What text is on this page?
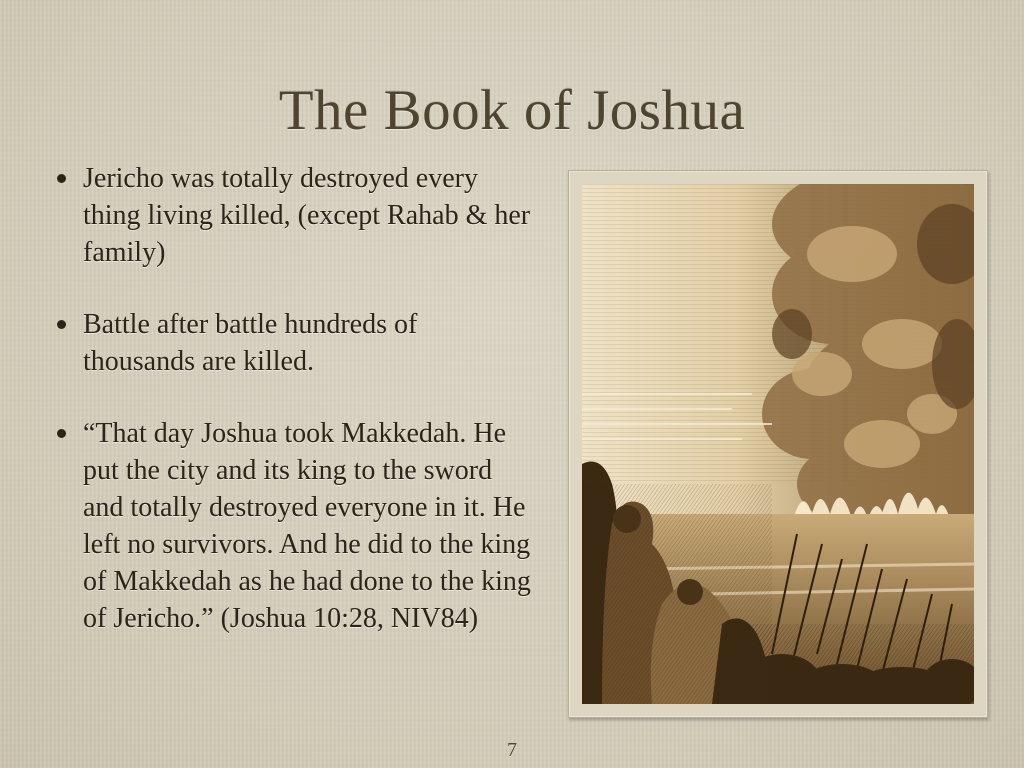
The Book of Joshua
Jericho was totally destroyed every thing living killed, (except Rahab & her family)
Battle after battle hundreds of thousands are killed.
“That day Joshua took Makkedah. He put the city and its king to the sword and totally destroyed everyone in it. He left no survivors. And he did to the king of Makkedah as he had done to the king of Jericho.” (Joshua 10:28, NIV84)
7
